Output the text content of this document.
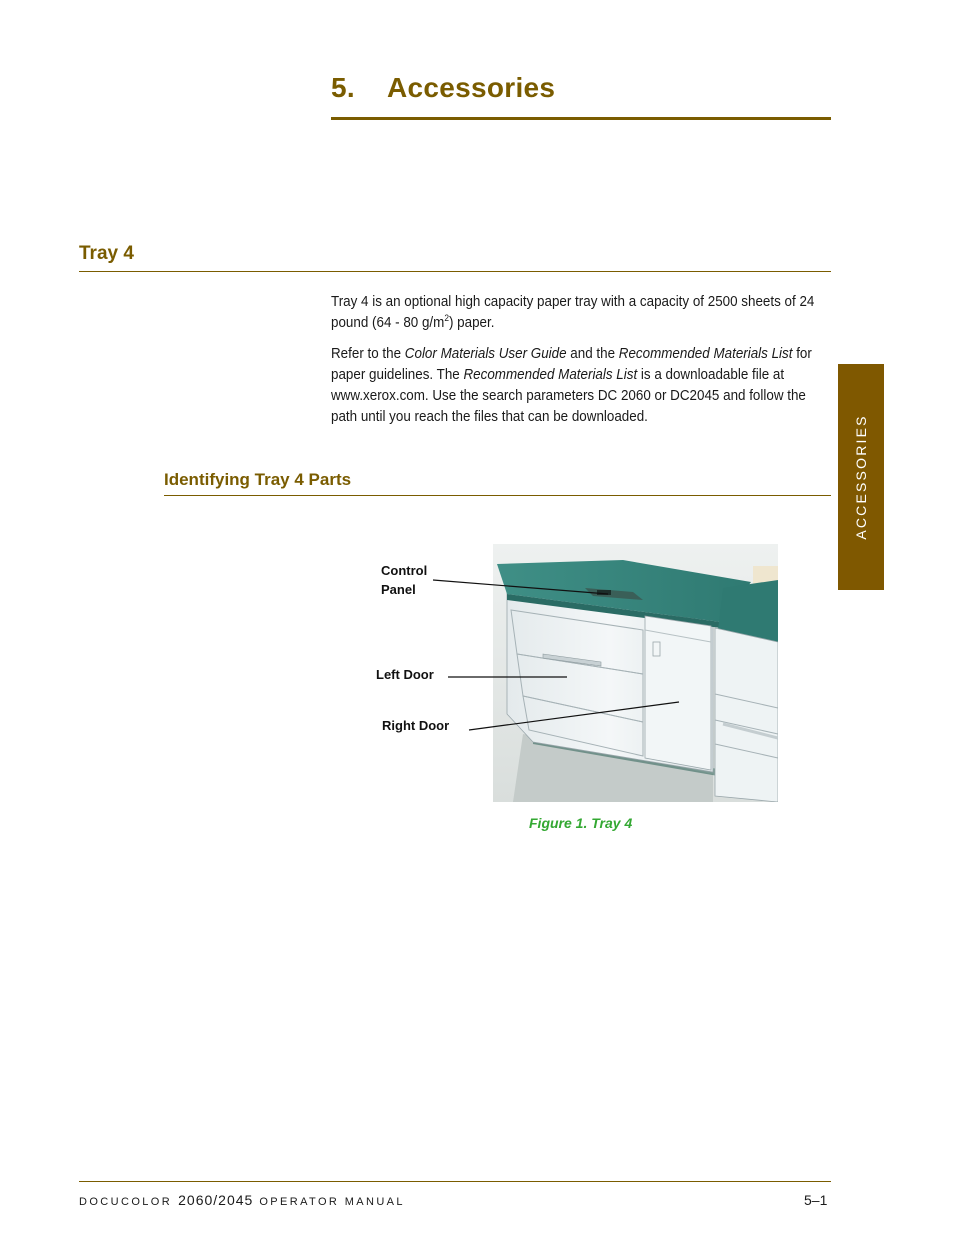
5. Accessories
Tray 4

Tray 4 is an optional high capacity paper tray with a capacity of 2500 sheets of 24 pound (64 - 80 $g/m^2$) paper.

Refer to the Color Materials User Guide and the Recommended Materials List for paper guidelines. The Recommended Materials List is a downloadable file at www.xerox.com. Use the search parameters DC 2060 or DC2045 and follow the path until you reach the files that can be downloaded.

Identifying Tray 4 Parts	ACCESSORIES
Control
Panel
Left Door
Right Door
Figure 1. Tray 4
DOCUCOLOR 2060/2045 OPERATOR MANUAL	5–1
